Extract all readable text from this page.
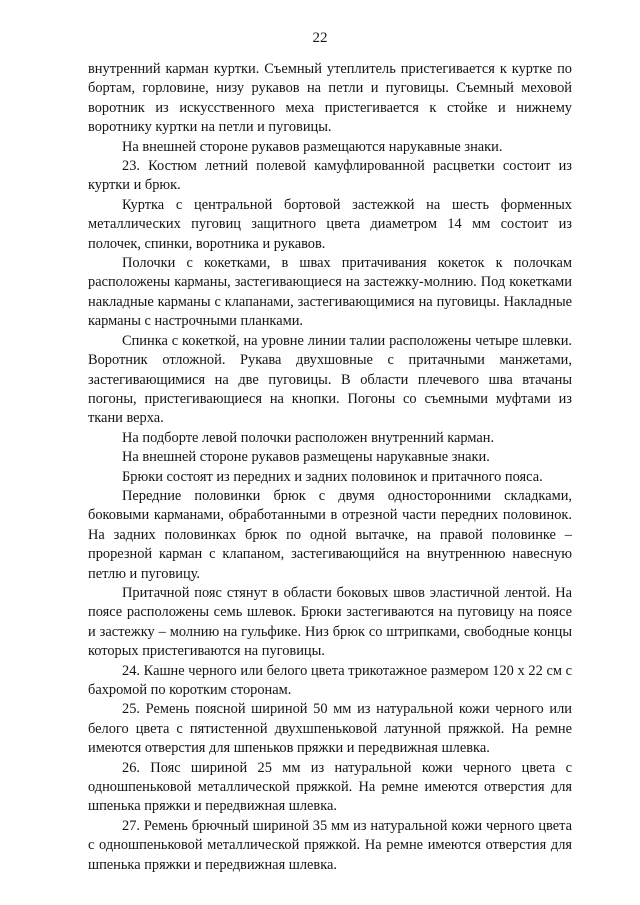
22

внутренний карман куртки. Съемный утеплитель пристегивается к куртке по бортам, горловине, низу рукавов на петли и пуговицы. Съемный меховой воротник из искусственного меха пристегивается к стойке и нижнему воротнику куртки на петли и пуговицы.

На внешней стороне рукавов размещаются нарукавные знаки.

23. Костюм летний полевой камуфлированной расцветки состоит из куртки и брюк.

Куртка с центральной бортовой застежкой на шесть форменных металлических пуговиц защитного цвета диаметром 14 мм состоит из полочек, спинки, воротника и рукавов.

Полочки с кокетками, в швах притачивания кокеток к полочкам расположены карманы, застегивающиеся на застежку-молнию. Под кокетками накладные карманы с клапанами, застегивающимися на пуговицы. Накладные карманы с настрочными планками.

Спинка с кокеткой, на уровне линии талии расположены четыре шлевки. Воротник отложной. Рукава двухшовные с притачными манжетами, застегивающимися на две пуговицы. В области плечевого шва втачаны погоны, пристегивающиеся на кнопки. Погоны со съемными муфтами из ткани верха.

На подборте левой полочки расположен внутренний карман.

На внешней стороне рукавов размещены нарукавные знаки.

Брюки состоят из передних и задних половинок и притачного пояса.

Передние половинки брюк с двумя односторонними складками, боковыми карманами, обработанными в отрезной части передних половинок. На задних половинках брюк по одной вытачке, на правой половинке – прорезной карман с клапаном, застегивающийся на внутреннюю навесную петлю и пуговицу.

Притачной пояс стянут в области боковых швов эластичной лентой. На поясе расположены семь шлевок. Брюки застегиваются на пуговицу на поясе и застежку – молнию на гульфике. Низ брюк со штрипками, свободные концы которых пристегиваются на пуговицы.

24. Кашне черного или белого цвета трикотажное размером 120 х 22 см с бахромой по коротким сторонам.

25. Ремень поясной шириной 50 мм из натуральной кожи черного или белого цвета с пятистенной двухшпеньковой латунной пряжкой. На ремне имеются отверстия для шпеньков пряжки и передвижная шлевка.

26. Пояс шириной 25 мм из натуральной кожи черного цвета с одношпеньковой металлической пряжкой. На ремне имеются отверстия для шпенька пряжки и передвижная шлевка.

27. Ремень брючный шириной 35 мм из натуральной кожи черного цвета с одношпеньковой металлической пряжкой. На ремне имеются отверстия для шпенька пряжки и передвижная шлевка.
